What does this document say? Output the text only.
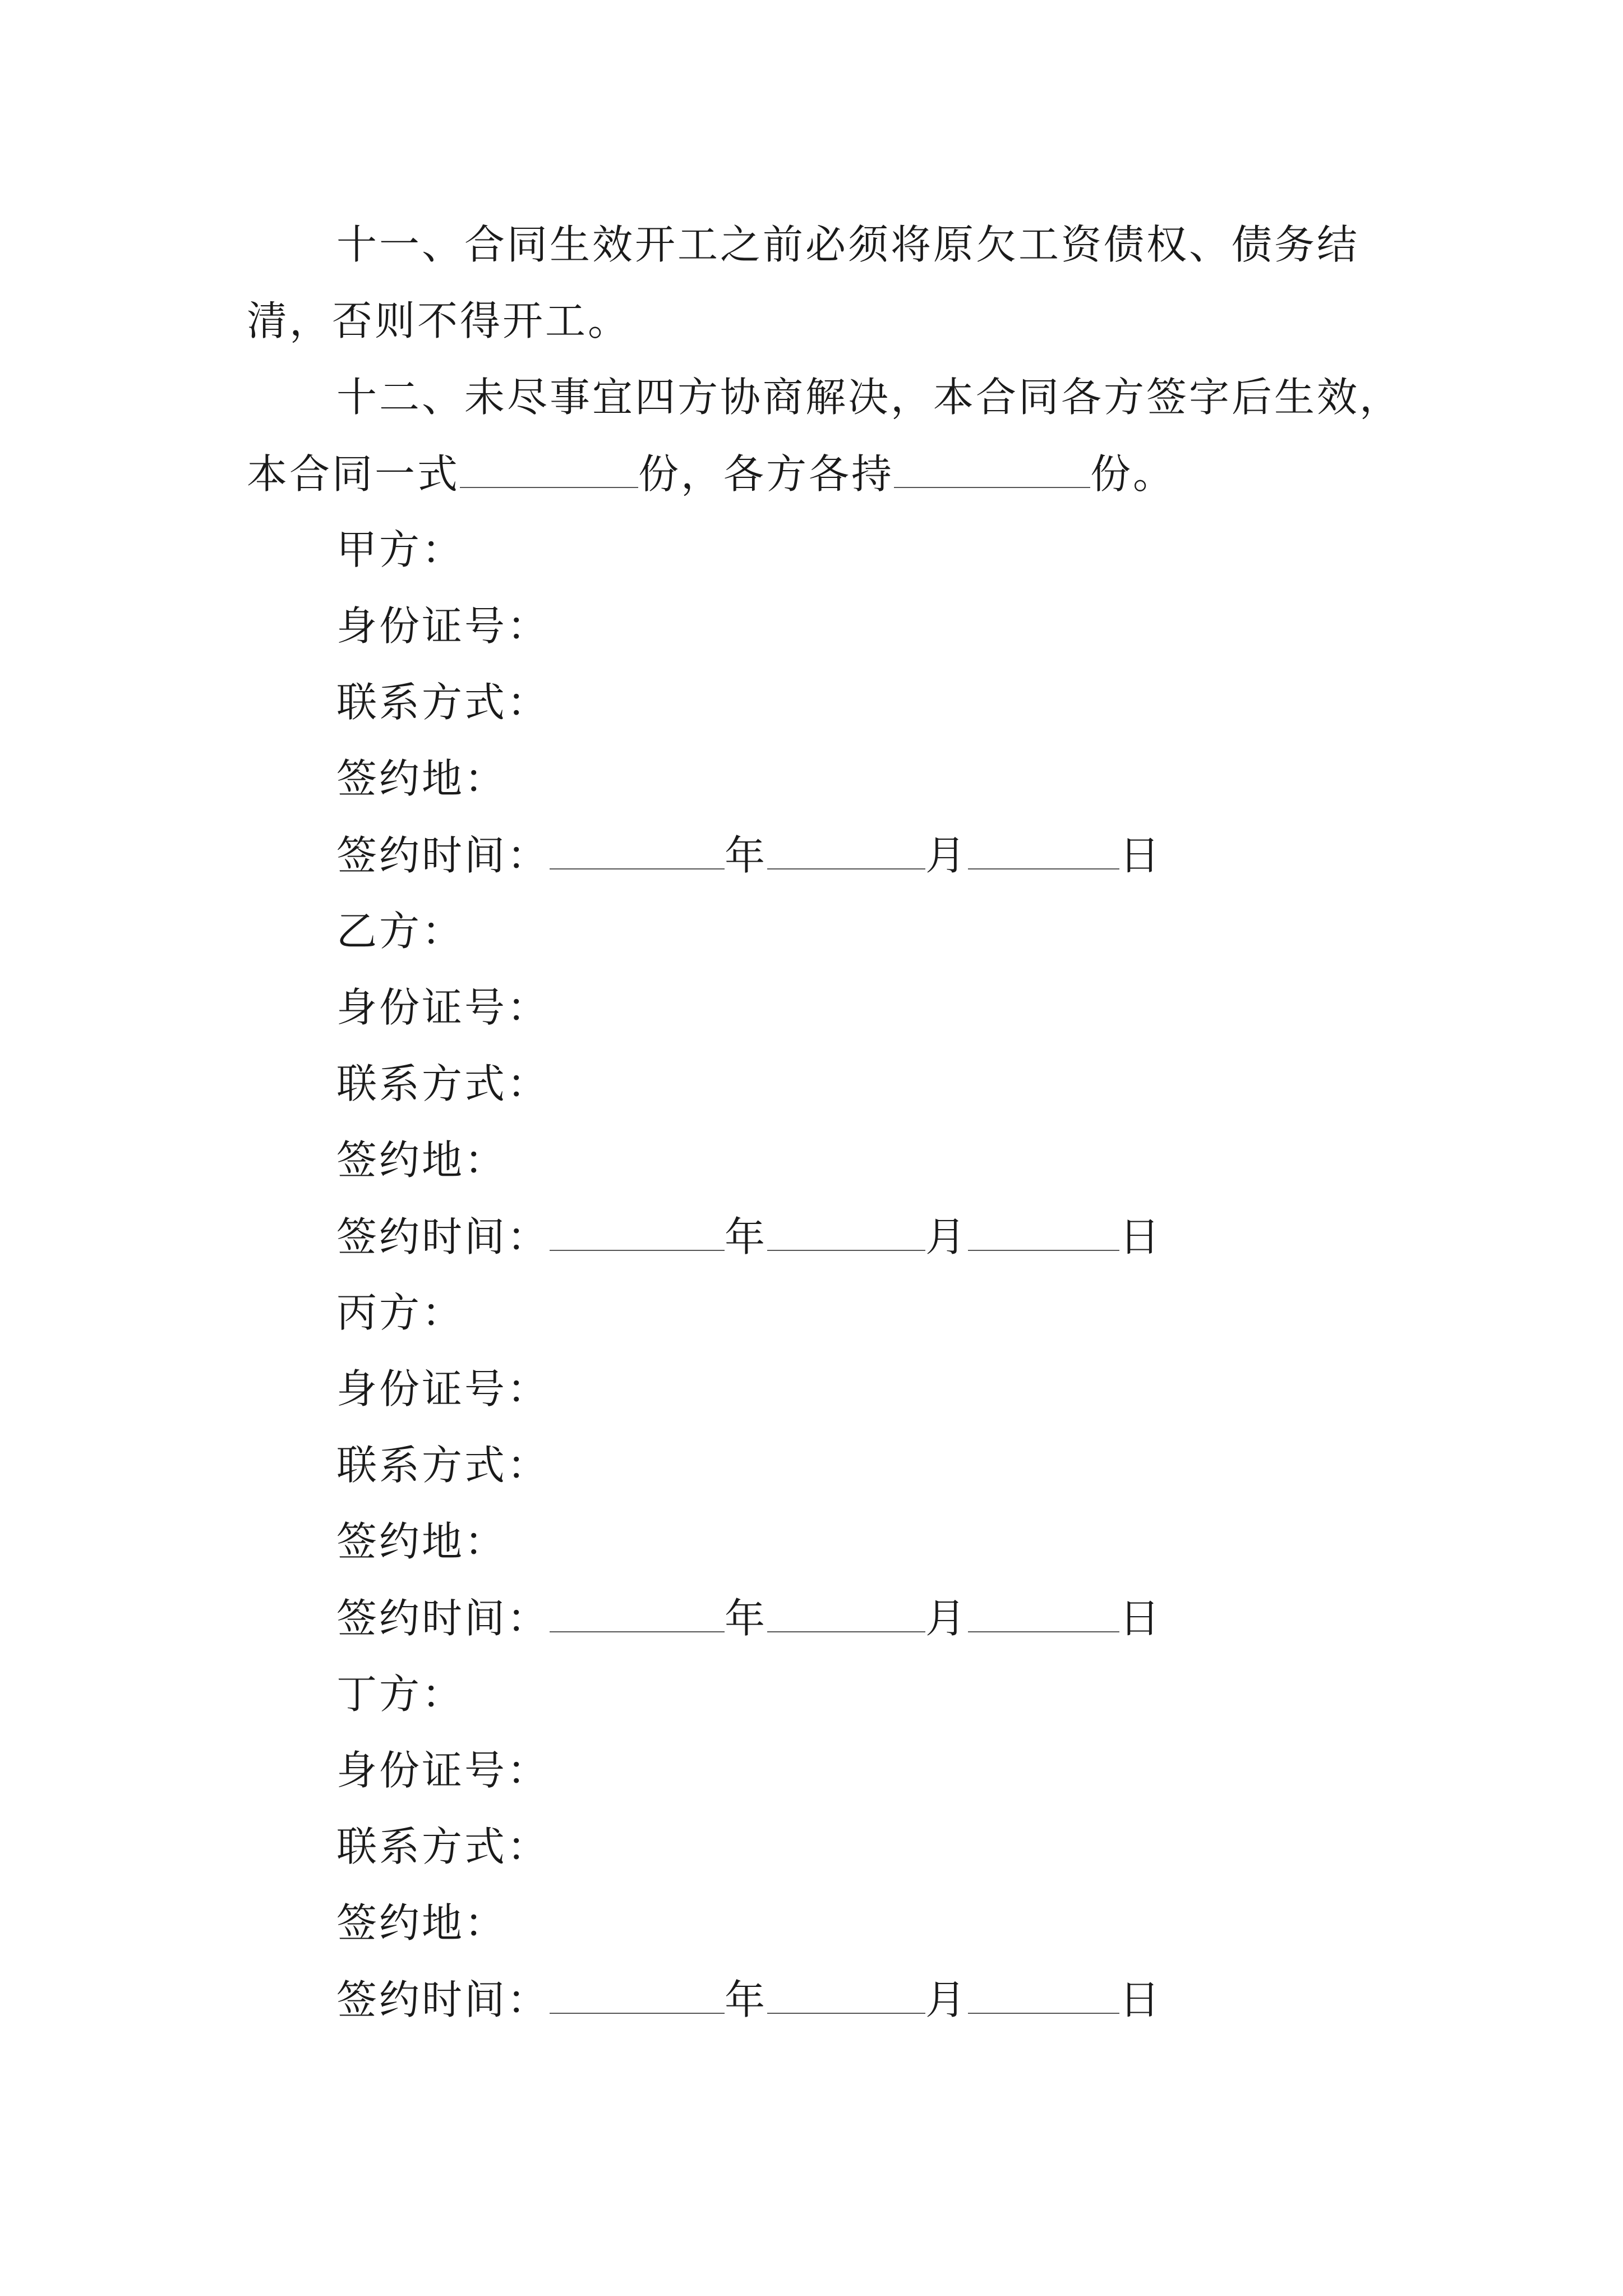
十一、合同生效开工之前必须将原欠工资债权、债务结
清，否则不得开工。
十二、未尽事宜四方协商解决，本合同各方签字后生效，
本合同一式	份，各方各持	份。
甲方：
身份证号：
联系方式：
签约地：
签约时间：	年	月	日
乙方：
身份证号：
联系方式：
签约地：
签约时间：	年	月	日
丙方：
身份证号：
联系方式：
签约地：
签约时间：	年	月	日
丁方：
身份证号：
联系方式：
签约地：
签约时间：	年	月	日
